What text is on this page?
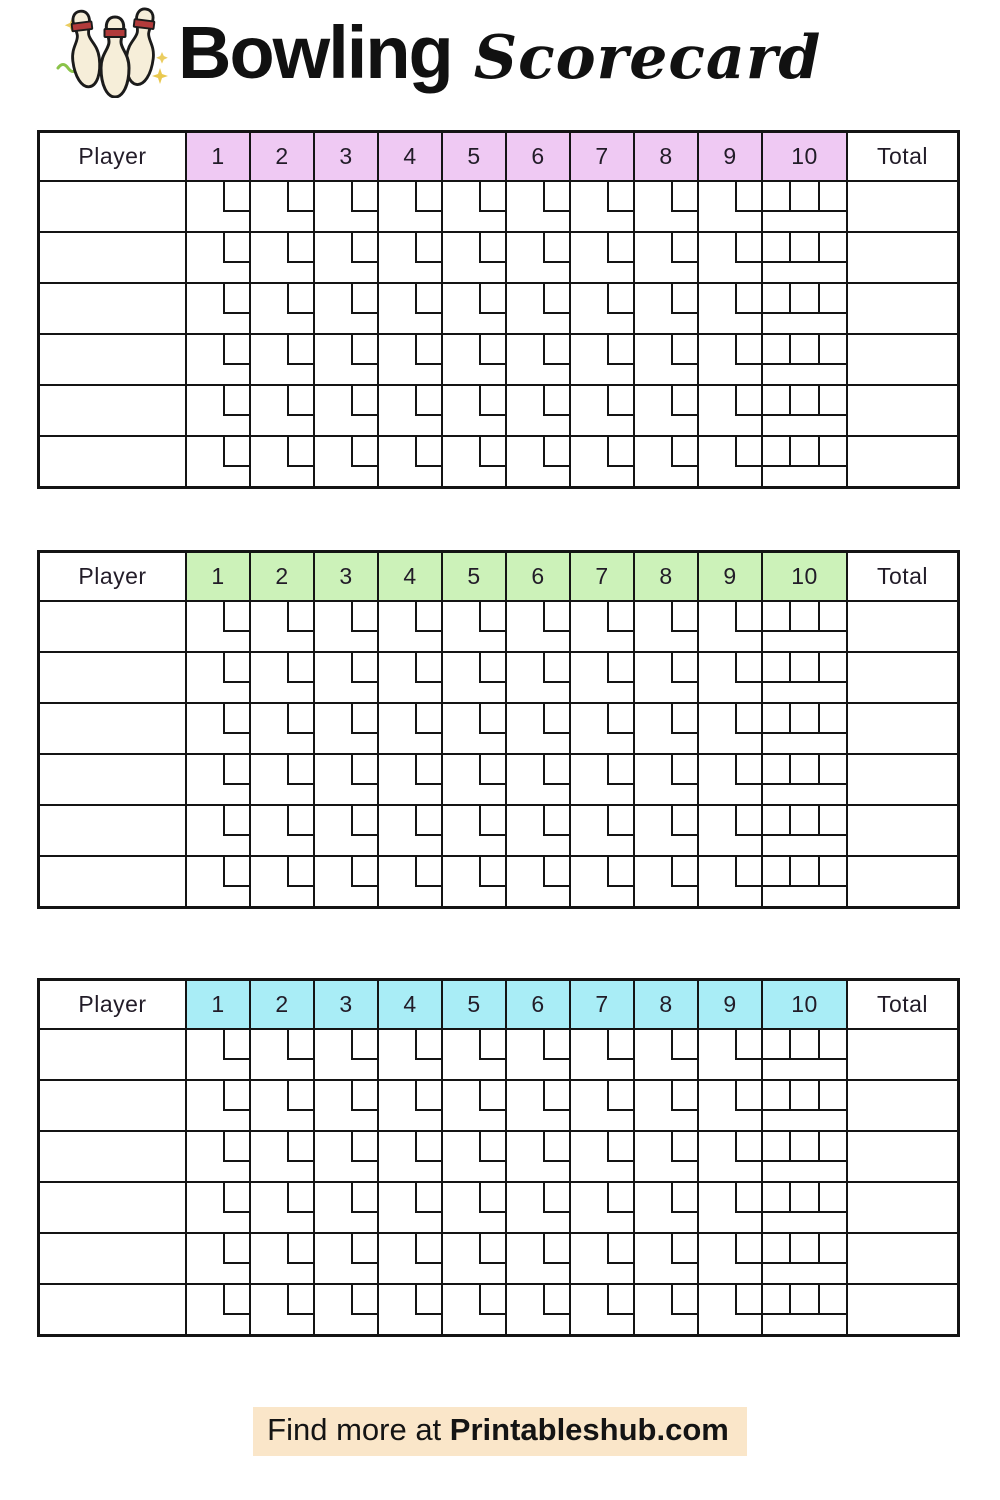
Bowling Scorecard
Player	1	2	3	4	5	6	7	8	9	10	Total
Player	1	2	3	4	5	6	7	8	9	10	Total
Player	1	2	3	4	5	6	7	8	9	10	Total
Find more at Printableshub.com
